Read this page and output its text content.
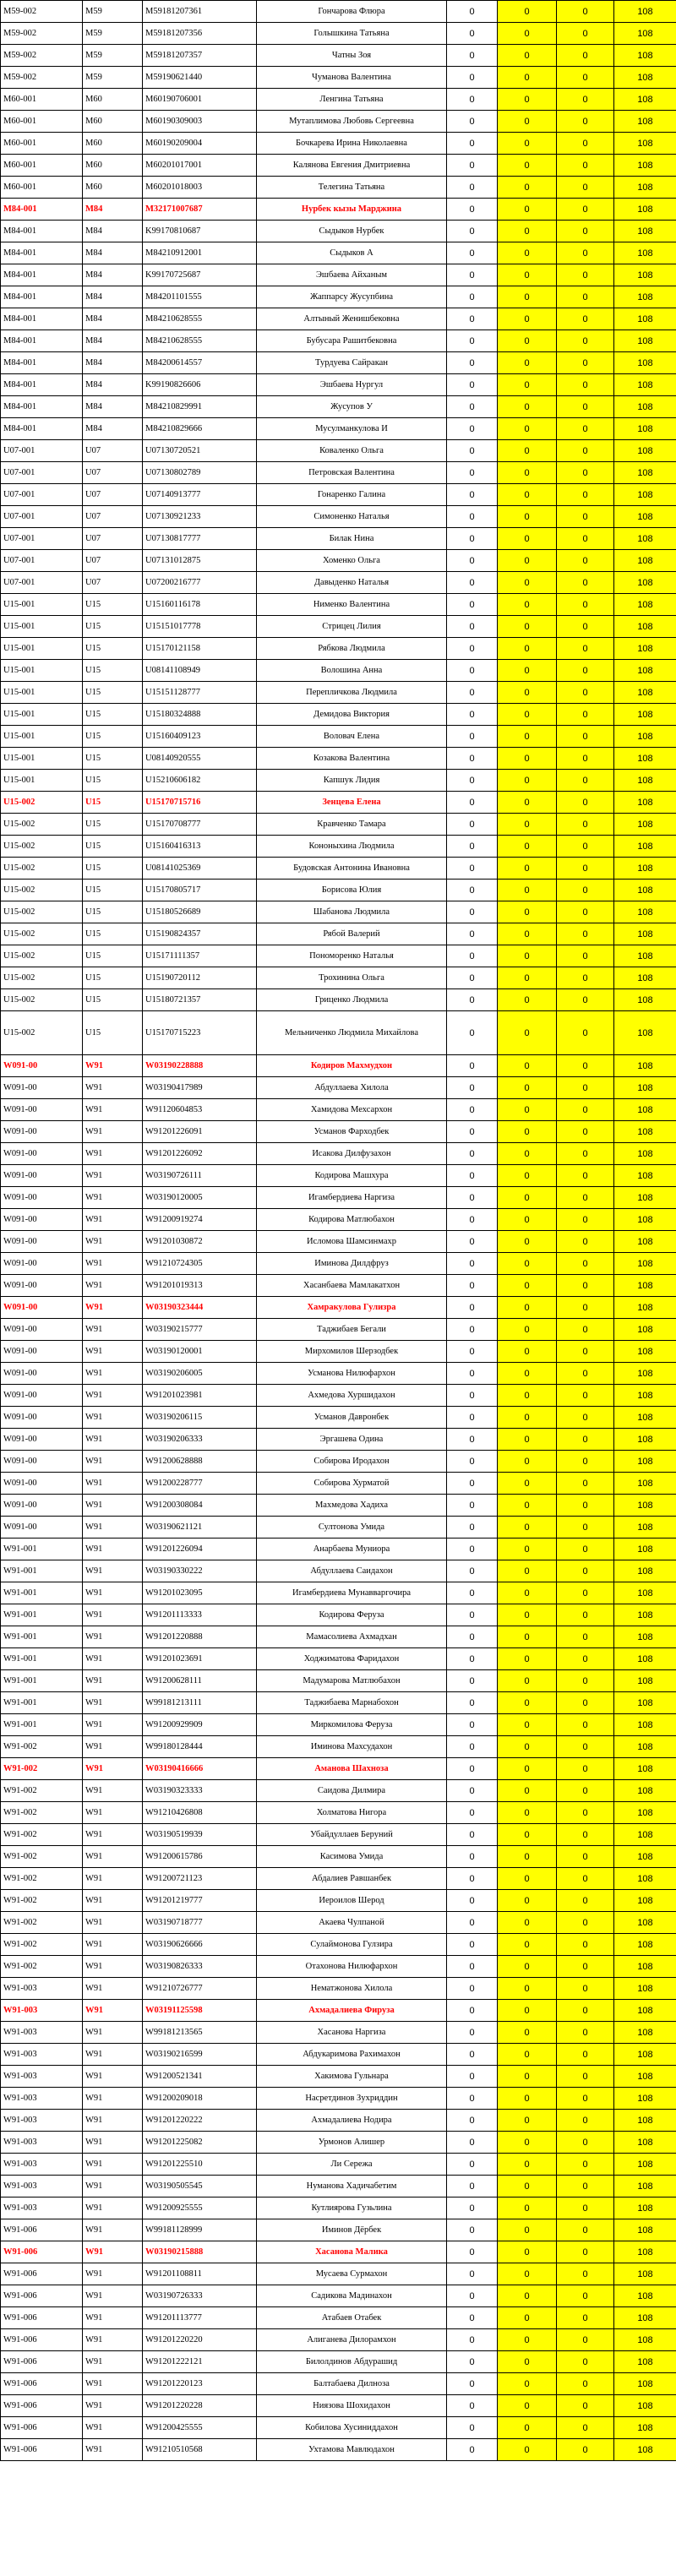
M59-002	M59	M59181207361	Гончарова Флюра	0	0	0	108
M59-002	M59	M59181207356	Голышкина Татьяна	0	0	0	108
M59-002	M59	M59181207357	Чатны Зоя	0	0	0	108
M59-002	M59	M59190621440	Чуманова Валентина	0	0	0	108
M60-001	M60	M60190706001	Ленгина Татьяна	0	0	0	108
M60-001	M60	M60190309003	Мутаплимова Любовь Сергеевна	0	0	0	108
M60-001	M60	M60190209004	Бочкарева Ирина Николаевна	0	0	0	108
M60-001	M60	M60201017001	Калянова Евгения Дмитриевна	0	0	0	108
M60-001	M60	M60201018003	Телегина Татьяна	0	0	0	108
M84-001	M84	M32171007687	Нурбек кызы Марджина	0	0	0	108
M84-001	M84	K99170810687	Сыдыков Нурбек	0	0	0	108
M84-001	M84	M84210912001	Сыдыков А	0	0	0	108
M84-001	M84	K99170725687	Эшбаева Айханым	0	0	0	108
M84-001	M84	M84201101555	Жаппарсу Жусупбина	0	0	0	108
M84-001	M84	M84210628555	Алтыный Женишбековна	0	0	0	108
M84-001	M84	M84210628555	Бубусара Рашитбековна	0	0	0	108
M84-001	M84	M84200614557	Турдуева Сайракан	0	0	0	108
M84-001	M84	K99190826606	Эшбаева Нургул	0	0	0	108
M84-001	M84	M84210829991	Жусупов У	0	0	0	108
M84-001	M84	M84210829666	Мусулманкулова И	0	0	0	108
U07-001	U07	U07130720521	Коваленко Ольга	0	0	0	108
U07-001	U07	U07130802789	Петровская Валентина	0	0	0	108
U07-001	U07	U07140913777	Гонаренко Галина	0	0	0	108
U07-001	U07	U07130921233	Симоненко Наталья	0	0	0	108
U07-001	U07	U07130817777	Билак Нина	0	0	0	108
U07-001	U07	U07131012875	Хоменко Ольга	0	0	0	108
U07-001	U07	U07200216777	Давыденко Наталья	0	0	0	108
U15-001	U15	U15160116178	Нименко Валентина	0	0	0	108
U15-001	U15	U15151017778	Стрицец Лилия	0	0	0	108
U15-001	U15	U15170121158	Рябкова Людмила	0	0	0	108
U15-001	U15	U08141108949	Волошина Анна	0	0	0	108
U15-001	U15	U15151128777	Перепличкова Людмила	0	0	0	108
U15-001	U15	U15180324888	Демидова Виктория	0	0	0	108
U15-001	U15	U15160409123	Воловач Елена	0	0	0	108
U15-001	U15	U08140920555	Козакова Валентина	0	0	0	108
U15-001	U15	U15210606182	Капшук Лидия	0	0	0	108
U15-002	U15	U15170715716	Зенцева Елена	0	0	0	108
U15-002	U15	U15170708777	Кравченко Тамара	0	0	0	108
U15-002	U15	U15160416313	Кононыхина Людмила	0	0	0	108
U15-002	U15	U08141025369	Будовская Антонина Ивановна	0	0	0	108
U15-002	U15	U15170805717	Борисова Юлия	0	0	0	108
U15-002	U15	U15180526689	Шабанова Людмила	0	0	0	108
U15-002	U15	U15190824357	Рябой Валерий	0	0	0	108
U15-002	U15	U15171111357	Пономоренко Наталья	0	0	0	108
U15-002	U15	U15190720112	Трохинина Ольга	0	0	0	108
U15-002	U15	U15180721357	Гриценко Людмила	0	0	0	108
U15-002	U15	U15170715223	Мельниченко Людмила Михайлова	0	0	0	108
W091-00	W91	W03190228888	Кодиров Махмудхон	0	0	0	108
W091-00	W91	W03190417989	Абдуллаева Хилола	0	0	0	108
W091-00	W91	W91120604853	Хамидова Мехсархон	0	0	0	108
W091-00	W91	W91201226091	Усманов Фарходбек	0	0	0	108
W091-00	W91	W91201226092	Исакова Дилфузахон	0	0	0	108
W091-00	W91	W03190726111	Кодирова Машхура	0	0	0	108
W091-00	W91	W03190120005	Игамбердиева Наргиза	0	0	0	108
W091-00	W91	W91200919274	Кодирова Матлюбахон	0	0	0	108
W091-00	W91	W91201030872	Исломова Шамсинмахр	0	0	0	108
W091-00	W91	W91210724305	Иминова Дилдфруз	0	0	0	108
W091-00	W91	W91201019313	Хасанбаева Мамлакатхон	0	0	0	108
W091-00	W91	W03190323444	Хамракулова Гулизра	0	0	0	108
W091-00	W91	W03190215777	Таджибаев Бегали	0	0	0	108
W091-00	W91	W03190120001	Мирхомилов Шерзодбек	0	0	0	108
W091-00	W91	W03190206005	Усманова Нилюфархон	0	0	0	108
W091-00	W91	W91201023981	Ахмедова Хуршидахон	0	0	0	108
W091-00	W91	W03190206115	Усманов Давронбек	0	0	0	108
W091-00	W91	W03190206333	Эргашева Одина	0	0	0	108
W091-00	W91	W91200628888	Собирова Иродахон	0	0	0	108
W091-00	W91	W91200228777	Собирова Хурматой	0	0	0	108
W091-00	W91	W91200308084	Махмедова Хадиха	0	0	0	108
W091-00	W91	W03190621121	Султонова Умида	0	0	0	108
W91-001	W91	W91201226094	Анарбаева Муниора	0	0	0	108
W91-001	W91	W03190330222	Абдуллаева Саидахон	0	0	0	108
W91-001	W91	W91201023095	Игамбердиева Мунавваргочира	0	0	0	108
W91-001	W91	W91201113333	Кодирова Феруза	0	0	0	108
W91-001	W91	W91201220888	Мамасолиева Ахмадхан	0	0	0	108
W91-001	W91	W91201023691	Ходжиматова Фаридахон	0	0	0	108
W91-001	W91	W91200628111	Мадумарова Матлюбахон	0	0	0	108
W91-001	W91	W99181213111	Таджибаева Марнабохон	0	0	0	108
W91-001	W91	W91200929909	Миркомилова Феруза	0	0	0	108
W91-002	W91	W99180128444	Иминова Махсудахон	0	0	0	108
W91-002	W91	W03190416666	Аманова Шахноза	0	0	0	108
W91-002	W91	W03190323333	Саидова Дилмира	0	0	0	108
W91-002	W91	W91210426808	Холматова Нигора	0	0	0	108
W91-002	W91	W03190519939	Убайдуллаев Беруний	0	0	0	108
W91-002	W91	W91200615786	Касимова Умида	0	0	0	108
W91-002	W91	W91200721123	Абдалиев Равшанбек	0	0	0	108
W91-002	W91	W91201219777	Иероилов Шерод	0	0	0	108
W91-002	W91	W03190718777	Акаева Чулпаной	0	0	0	108
W91-002	W91	W03190626666	Сулаймонова Гулзира	0	0	0	108
W91-002	W91	W03190826333	Отахонова Нилюфархон	0	0	0	108
W91-003	W91	W91210726777	Нематжонова Хилола	0	0	0	108
W91-003	W91	W03191125598	Ахмадалиева Фируза	0	0	0	108
W91-003	W91	W99181213565	Хасанова Наргиза	0	0	0	108
W91-003	W91	W03190216599	Абдукаримова Рахимахон	0	0	0	108
W91-003	W91	W91200521341	Хакимова Гульнара	0	0	0	108
W91-003	W91	W91200209018	Насретдинов Зухриддин	0	0	0	108
W91-003	W91	W91201220222	Ахмадалиева Нодира	0	0	0	108
W91-003	W91	W91201225082	Урмонов Алишер	0	0	0	108
W91-003	W91	W91201225510	Ли Сережа	0	0	0	108
W91-003	W91	W03190505545	Нуманова Хадичабетим	0	0	0	108
W91-003	W91	W91200925555	Кутлиярова Гузьлина	0	0	0	108
W91-006	W91	W99181128999	Иминов Дёрбек	0	0	0	108
W91-006	W91	W03190215888	Хасанова Малика	0	0	0	108
W91-006	W91	W91201108811	Мусаева Сурмахон	0	0	0	108
W91-006	W91	W03190726333	Садикова Мадинахон	0	0	0	108
W91-006	W91	W91201113777	Атабаев Отабек	0	0	0	108
W91-006	W91	W91201220220	Алиганева Дилорамхон	0	0	0	108
W91-006	W91	W91201222121	Билолдинов Абдурашид	0	0	0	108
W91-006	W91	W91201220123	Балтабаева Дилноза	0	0	0	108
W91-006	W91	W91201220228	Ниязова Шохидахон	0	0	0	108
W91-006	W91	W91200425555	Кобилова Хусиниддахон	0	0	0	108
W91-006	W91	W91210510568	Ухтамова Мавлюдахон	0	0	0	108
